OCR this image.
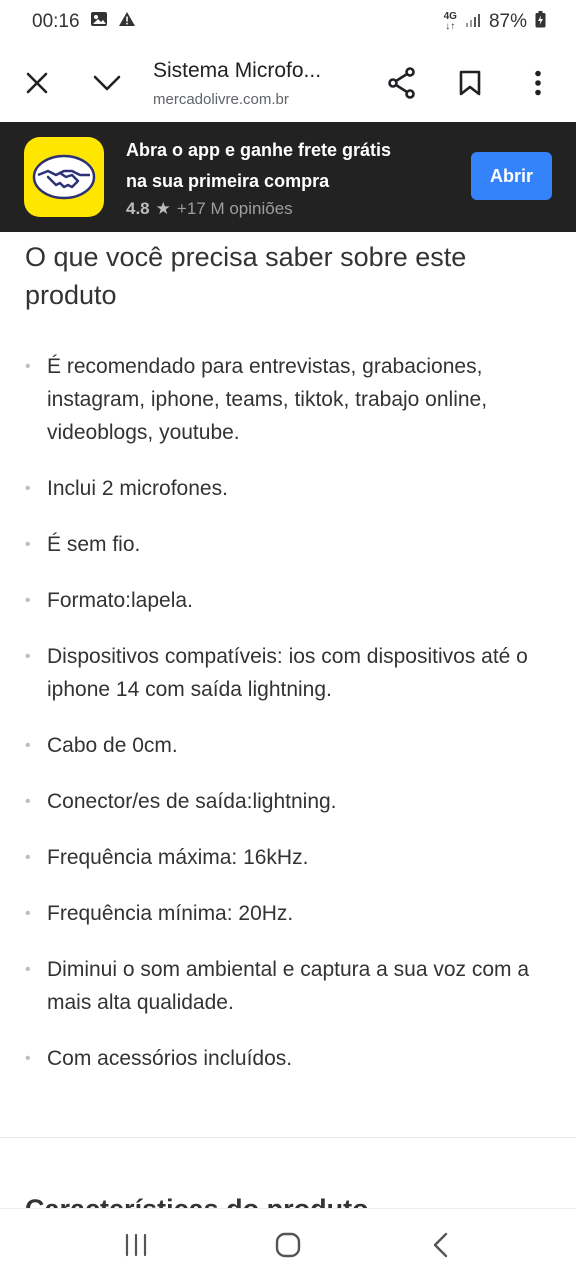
00:16	4G
↓↑ 87%
Sistema Microfo...
mercadolivre.com.br
Abra o app e ganhe frete grátis
na sua primeira compra
4.8 ★ +17 M opiniões
Abrir
O que você precisa saber sobre este produto
• É recomendado para entrevistas, grabaciones, instagram, iphone, teams, tiktok, trabajo online, videoblogs, youtube.
• Inclui 2 microfones.
• É sem fio.
• Formato:lapela.
• Dispositivos compatíveis: ios com dispositivos até o iphone 14 com saída lightning.
• Cabo de 0cm.
• Conector/es de saída:lightning.
• Frequência máxima: 16kHz.
• Frequência mínima: 20Hz.
• Diminui o som ambiental e captura a sua voz com a mais alta qualidade.
• Com acessórios incluídos.
